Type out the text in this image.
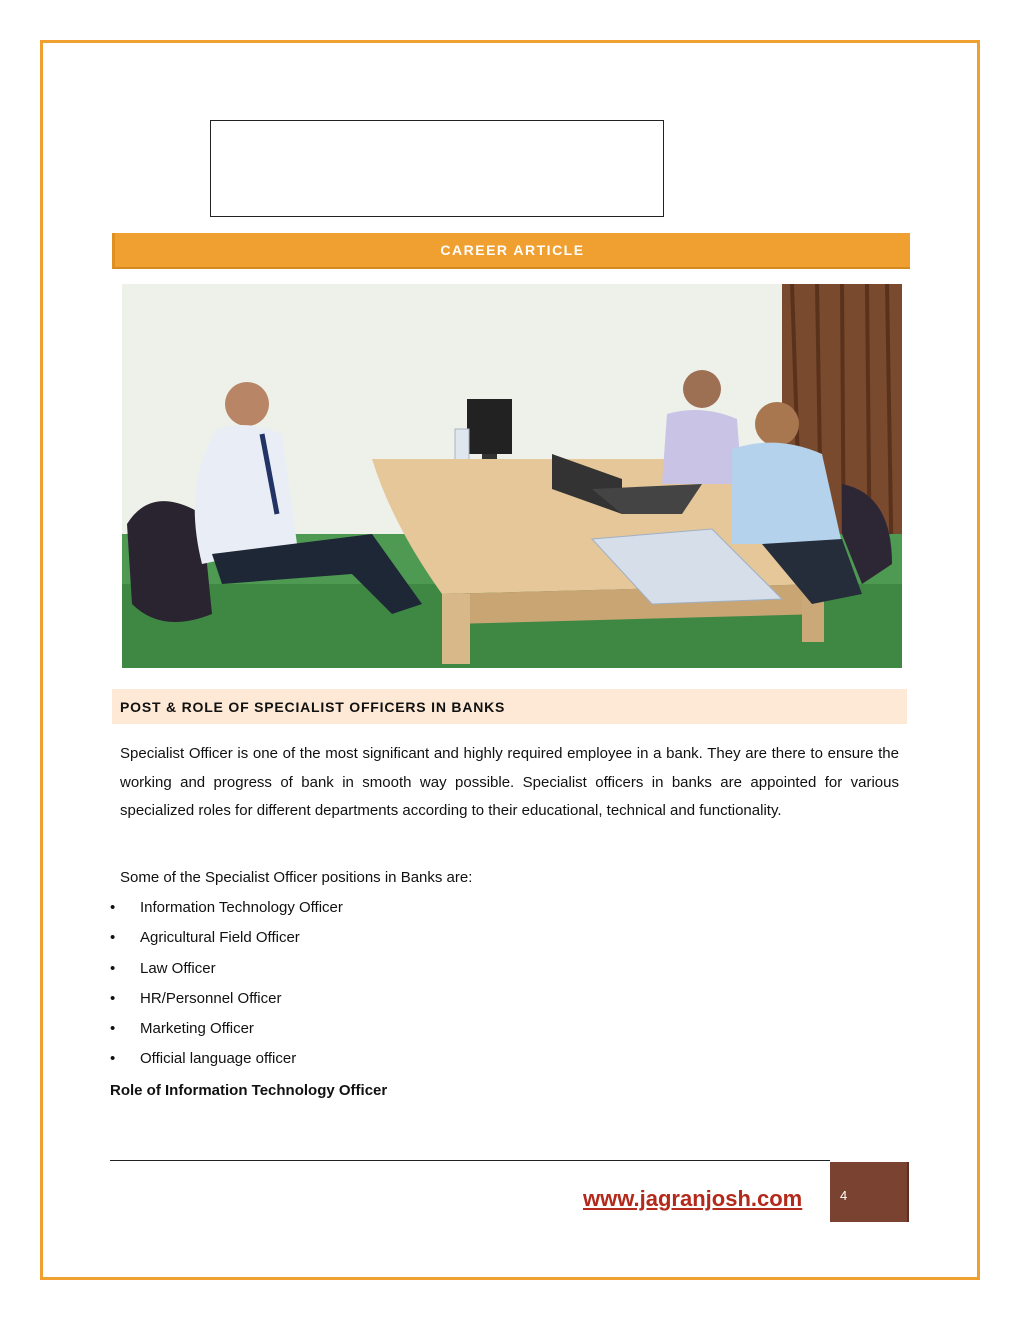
CAREER ARTICLE
POST & ROLE OF SPECIALIST OFFICERS IN BANKS

Specialist Officer is one of the most significant and highly required employee in a bank. They are there to ensure the working and progress of bank in smooth way possible. Specialist officers in banks are appointed for various specialized roles for different departments according to their educational, technical and functionality.

Some of the Specialist Officer positions in Banks are:
•	Information Technology Officer
•	Agricultural Field Officer
•	Law Officer
•	HR/Personnel Officer
•	Marketing Officer
•	Official language officer
Role of Information Technology Officer
www.jagranjosh.com	4
